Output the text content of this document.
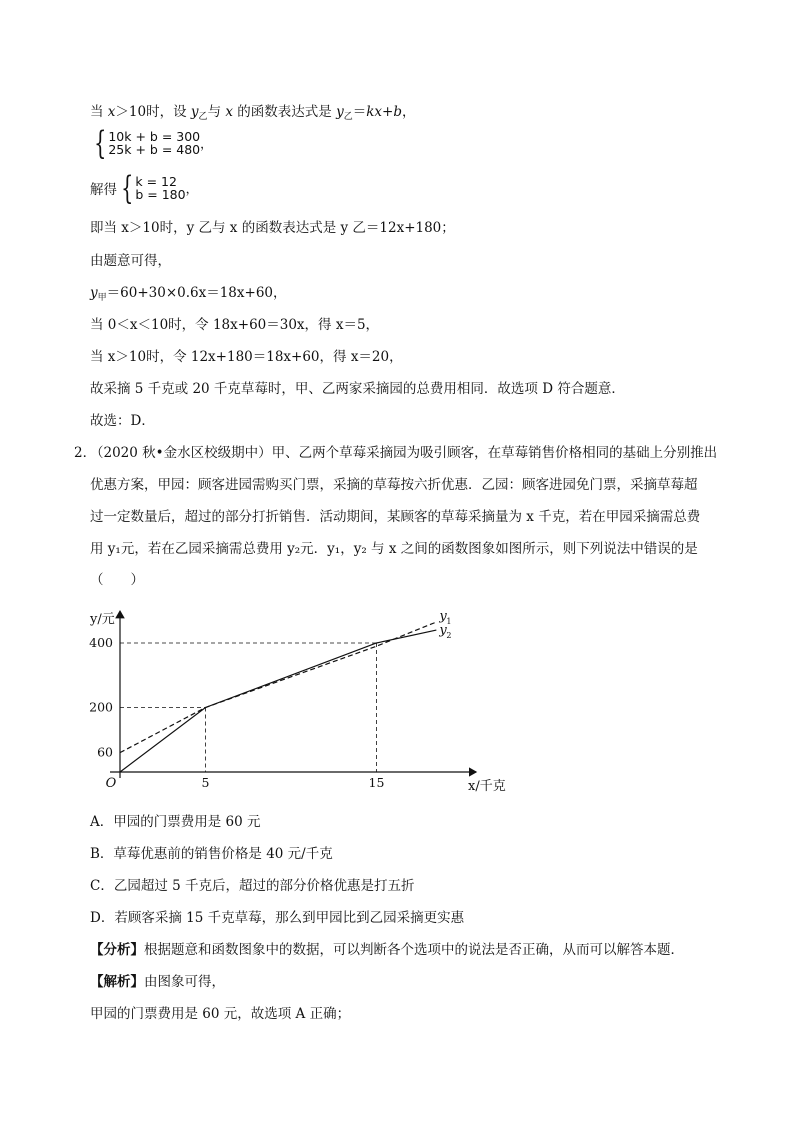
当 x＞10时，设 $y_乙$与 x 的函数表达式是 $y_乙=kx+b$，
{ 10k + b = 300
25k + b = 480 ，
解得 { k = 12
b = 180 ，
即当 x＞10时，y 乙与 x 的函数表达式是 y 乙＝12x+180；
由题意可得，
$y_甲=60+30\times 0.6x=18x+60$，
当 0＜x＜10时，令 18x+60＝30x，得 x＝5，
当 x＞10时，令 12x+180＝18x+60，得 x＝20，
故采摘 5 千克或 20 千克草莓时，甲、乙两家采摘园的总费用相同．故选项 D 符合题意．
故选：D．
2．
（2020 秋•金水区校级期中）甲、乙两个草莓采摘园为吸引顾客，在草莓销售价格相同的基础上分别推出
优惠方案，甲园：顾客进园需购买门票，采摘的草莓按六折优惠．乙园：顾客进园免门票，采摘草莓超
过一定数量后，超过的部分打折销售．活动期间，某顾客的草莓采摘量为 x 千克，若在甲园采摘需总费
用 y₁元，若在乙园采摘需总费用 y₂元．y₁，y₂ 与 x 之间的函数图象如图所示，则下列说法中错误的是
（　　）
y 1
y 2
60
200
400
5	15
O	x/千克
y/元
A．甲园的门票费用是 60 元
B．草莓优惠前的销售价格是 40 元/千克
C．乙园超过 5 千克后，超过的部分价格优惠是打五折
D．若顾客采摘 15 千克草莓，那么到甲园比到乙园采摘更实惠
【分析】根据题意和函数图象中的数据，可以判断各个选项中的说法是否正确，从而可以解答本题．
【解析】由图象可得，
甲园的门票费用是 60 元，故选项 A 正确；
